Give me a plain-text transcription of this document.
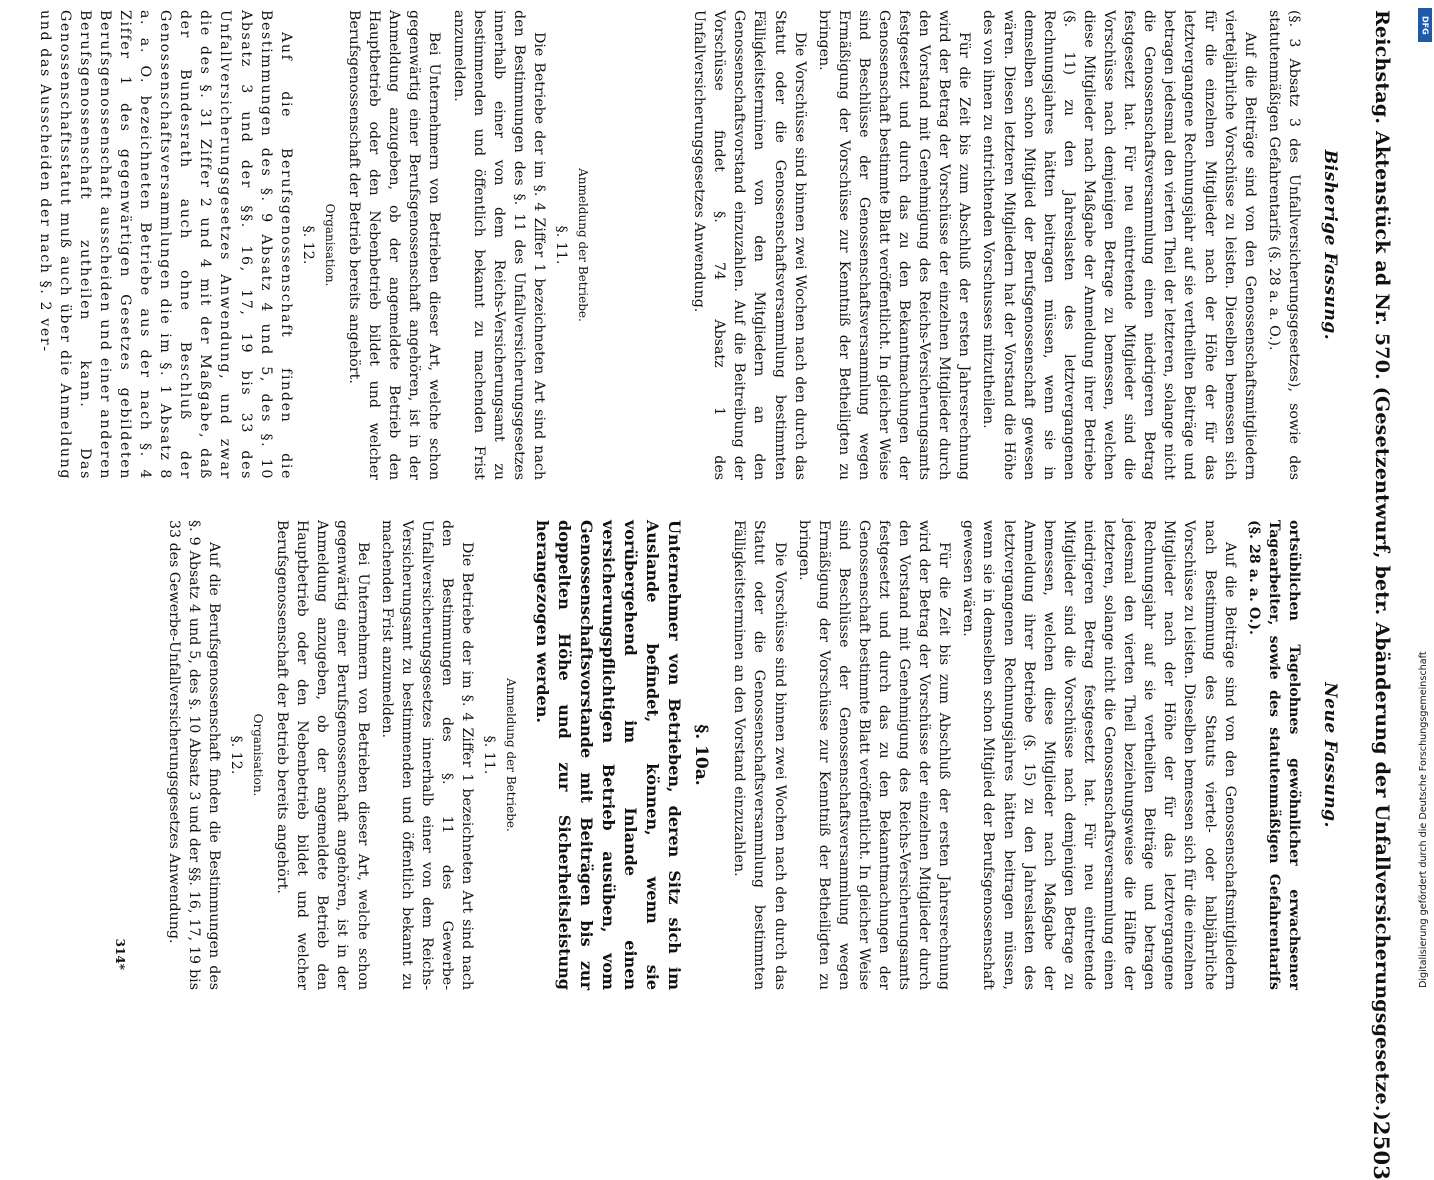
Reichstag. Aktenstück ad Nr. 570. (Gesetzentwurf, betr. Abänderung der Unfallversicherungsgesetze.)
2503
Bisherige Fassung.

(§. 3 Absatz 3 des Unfallversicherungsgesetzes), sowie des statutenmäßigen Gefahrentarifs (§. 28 a. a. O.).

Auf die Beiträge sind von den Genossenschaftsmitgliedern vierteljährliche Vorschüsse zu leisten. Dieselben bemessen sich für die einzelnen Mitglieder nach der Höhe der für das letztvergangene Rechnungsjahr auf sie vertheilten Beiträge und betragen jedesmal den vierten Theil der letzteren, solange nicht die Genossenschaftsversammlung einen niedrigeren Betrag festgesetzt hat. Für neu eintretende Mitglieder sind die Vorschüsse nach demjenigen Betrage zu bemessen, welchen diese Mitglieder nach Maßgabe der Anmeldung ihrer Betriebe (§. 11) zu den Jahreslasten des letztvergangenen Rechnungsjahres hätten beitragen müssen, wenn sie in demselben schon Mitglied der Berufsgenossenschaft gewesen wären. Diesen letzteren Mitgliedern hat der Vorstand die Höhe des von ihnen zu entrichtenden Vorschusses mitzutheilen.

Für die Zeit bis zum Abschluß der ersten Jahresrechnung wird der Betrag der Vorschüsse der einzelnen Mitglieder durch den Vorstand mit Genehmigung des Reichs-Versicherungsamts festgesetzt und durch das zu den Bekanntmachungen der Genossenschaft bestimmte Blatt veröffentlicht. In gleicher Weise sind Beschlüsse der Genossenschaftsversammlung wegen Ermäßigung der Vorschüsse zur Kenntniß der Betheiligten zu bringen.

Die Vorschüsse sind binnen zwei Wochen nach den durch das Statut oder die Genossenschaftsversammlung bestimmten Fälligkeitsterminen von den Mitgliedern an den Genossenschaftsvorstand einzuzahlen. Auf die Beitreibung der Vorschüsse findet §. 74 Absatz 1 des Unfallversicherungsgesetzes Anwendung.

Anmeldung der Betriebe.

§. 11.

Die Betriebe der im §. 4 Ziffer 1 bezeichneten Art sind nach den Bestimmungen des §. 11 des Unfallversicherungsgesetzes innerhalb einer von dem Reichs-Versicherungsamt zu bestimmenden und öffentlich bekannt zu machenden Frist anzumelden.

Bei Unternehmern von Betrieben dieser Art, welche schon gegenwärtig einer Berufsgenossenschaft angehören, ist in der Anmeldung anzugeben, ob der angemeldete Betrieb den Hauptbetrieb oder den Nebenbetrieb bildet und welcher Berufsgenossenschaft der Betrieb bereits angehört.

Organisation.

§. 12.

Auf die Berufsgenossenschaft finden die Bestimmungen des §. 9 Absatz 4 und 5, des §. 10 Absatz 3 und der §§. 16, 17, 19 bis 33 des Unfallversicherungsgesetzes Anwendung, und zwar die des §. 31 Ziffer 2 und 4 mit der Maßgabe, daß der Bundesrath auch ohne Beschluß der Genossenschaftsversammlungen die im §. 1 Absatz 8 a. a. O. bezeichneten Betriebe aus der nach §. 4 Ziffer 1 des gegenwärtigen Gesetzes gebildeten Berufsgenossenschaft ausscheiden und einer anderen Berufsgenossenschaft zutheilen kann. Das Genossenschaftsstatut muß auch über die Anmeldung und das Ausscheiden der nach §. 2 ver-

Neue Fassung.

ortsüblichen Tagelohnes gewöhnlicher erwachsener Tagearbeiter, sowie des statutenmäßigen Gefahrentarifs (§. 28 a. a. O.).

Auf die Beiträge sind von den Genossenschaftsmitgliedern nach Bestimmung des Statuts viertel- oder halbjährliche Vorschüsse zu leisten. Dieselben bemessen sich für die einzelnen Mitglieder nach der Höhe der für das letztvergangene Rechnungsjahr auf sie vertheilten Beiträge und betragen jedesmal den vierten Theil beziehungsweise die Hälfte der letzteren, solange nicht die Genossenschaftsversammlung einen niedrigeren Betrag festgesetzt hat. Für neu eintretende Mitglieder sind die Vorschüsse nach demjenigen Betrage zu bemessen, welchen diese Mitglieder nach Maßgabe der Anmeldung ihrer Betriebe (§. 15) zu den Jahreslasten des letztvergangenen Rechnungsjahres hätten beitragen müssen, wenn sie in demselben schon Mitglied der Berufsgenossenschaft gewesen wären.

Für die Zeit bis zum Abschluß der ersten Jahresrechnung wird der Betrag der Vorschüsse der einzelnen Mitglieder durch den Vorstand mit Genehmigung des Reichs-Versicherungsamts festgesetzt und durch das zu den Bekanntmachungen der Genossenschaft bestimmte Blatt veröffentlicht. In gleicher Weise sind Beschlüsse der Genossenschaftsversammlung wegen Ermäßigung der Vorschüsse zur Kenntniß der Betheiligten zu bringen.

Die Vorschüsse sind binnen zwei Wochen nach den durch das Statut oder die Genossenschaftsversammlung bestimmten Fälligkeitsterminen an den Vorstand einzuzahlen.

§. 10a.

Unternehmer von Betrieben, deren Sitz sich im Auslande befindet, können, wenn sie vorübergehend im Inlande einen versicherungspflichtigen Betrieb ausüben, vom Genossenschaftsvorstande mit Beiträgen bis zur doppelten Höhe und zur Sicherheitsleistung herangezogen werden.

Anmeldung der Betriebe.

§. 11.

Die Betriebe der im §. 4 Ziffer 1 bezeichneten Art sind nach den Bestimmungen des §. 11 des Gewerbe-Unfallversicherungsgesetzes innerhalb einer von dem Reichs-Versicherungsamt zu bestimmenden und öffentlich bekannt zu machenden Frist anzumelden.

Bei Unternehmern von Betrieben dieser Art, welche schon gegenwärtig einer Berufsgenossenschaft angehören, ist in der Anmeldung anzugeben, ob der angemeldete Betrieb den Hauptbetrieb oder den Nebenbetrieb bildet und welcher Berufsgenossenschaft der Betrieb bereits angehört.

Organisation.

§. 12.

Auf die Berufsgenossenschaft finden die Bestimmungen des §. 9 Absatz 4 und 5, des §. 10 Absatz 3 und der §§. 16, 17, 19 bis 33 des Gewerbe-Unfallversicherungsgesetzes Anwendung.

314*
DFG
Digitalisierung gefördert durch die Deutsche Forschungsgemeinschaft
